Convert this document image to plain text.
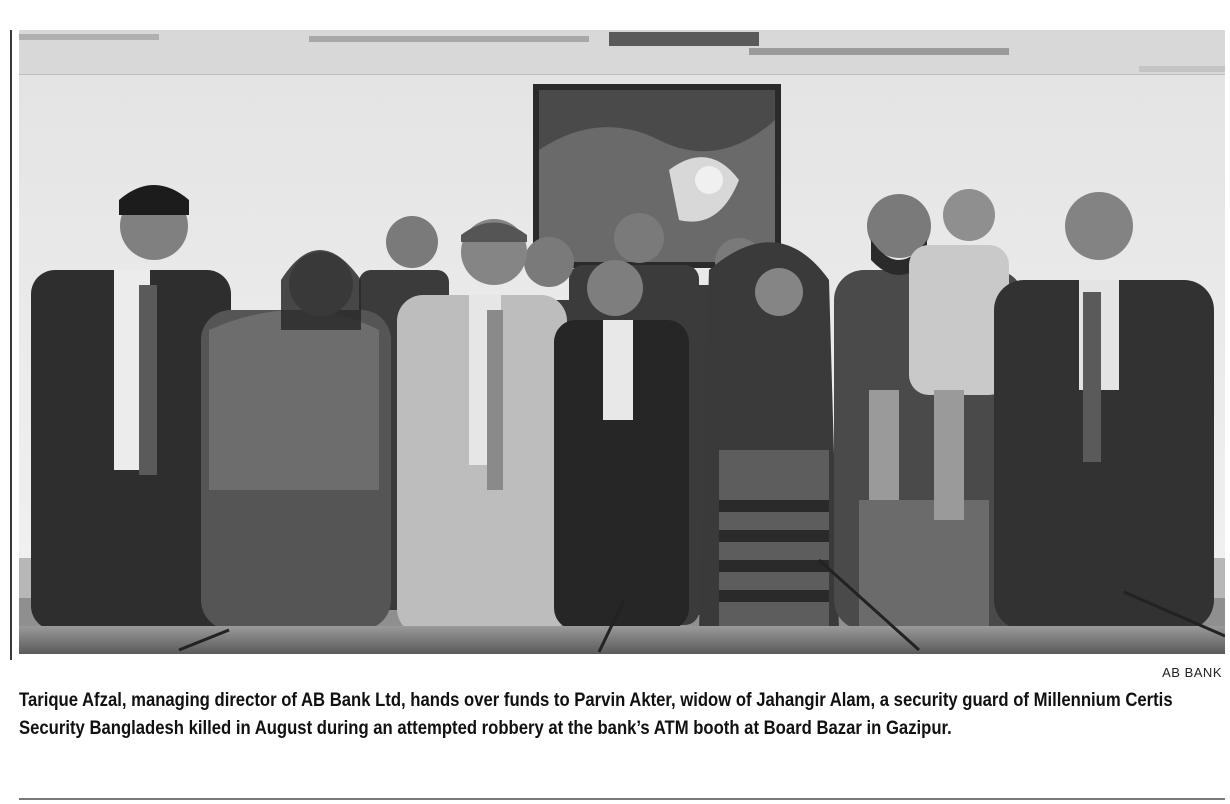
AB BANK

Tarique Afzal, managing director of AB Bank Ltd, hands over funds to Parvin Akter, widow of Jahangir Alam, a security guard of Millennium Certis Security Bangladesh killed in August during an attempted robbery at the bank’s ATM booth at Board Bazar in Gazipur.
